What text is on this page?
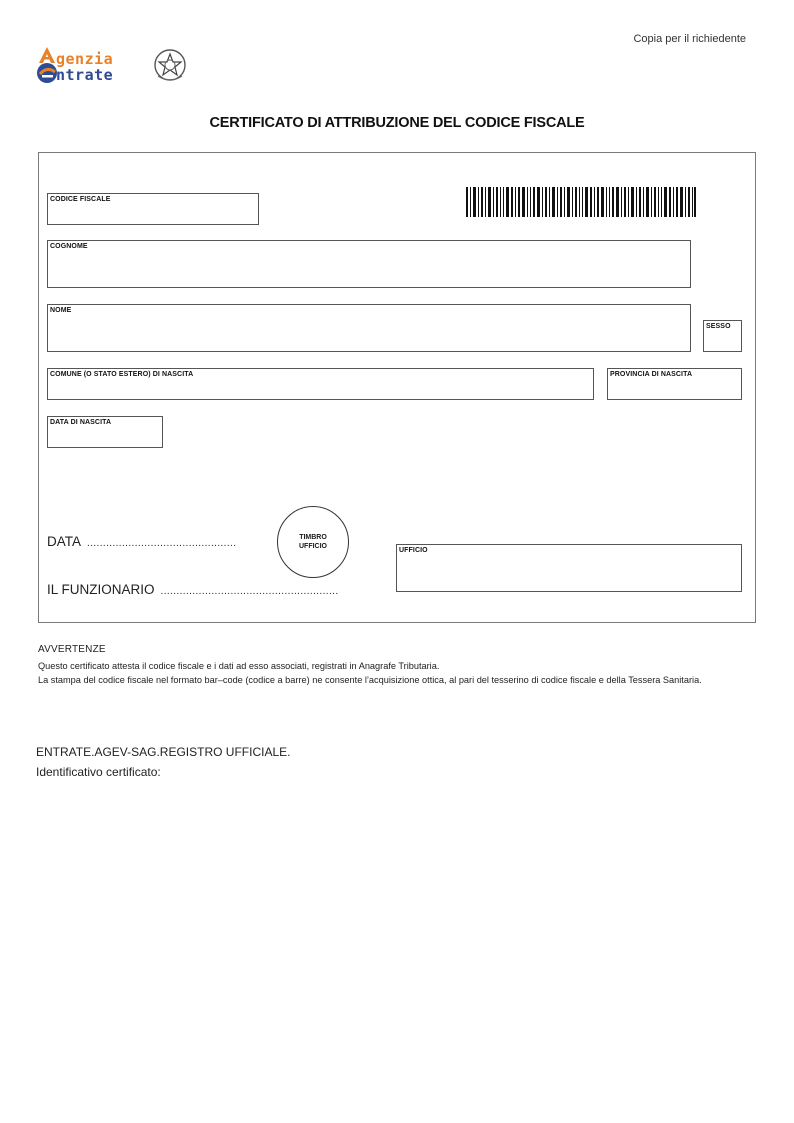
Copia per il richiedente
genzia
ntrate
CERTIFICATO DI ATTRIBUZIONE DEL CODICE FISCALE
CODICE FISCALE
COGNOME
NOME
SESSO
COMUNE (O STATO ESTERO) DI NASCITA	PROVINCIA DI NASCITA
DATA DI NASCITA
DATA ...............................................
IL FUNZIONARIO ........................................................
TIMBRO UFFICIO
UFFICIO
AVVERTENZE
Questo certificato attesta il codice fiscale e i dati ad esso associati, registrati in Anagrafe Tributaria.
La stampa del codice fiscale nel formato bar–code (codice a barre) ne consente l’acquisizione ottica, al pari del tesserino di codice fiscale e della Tessera Sanitaria.
ENTRATE.AGEV-SAG.REGISTRO UFFICIALE.
Identificativo certificato:
